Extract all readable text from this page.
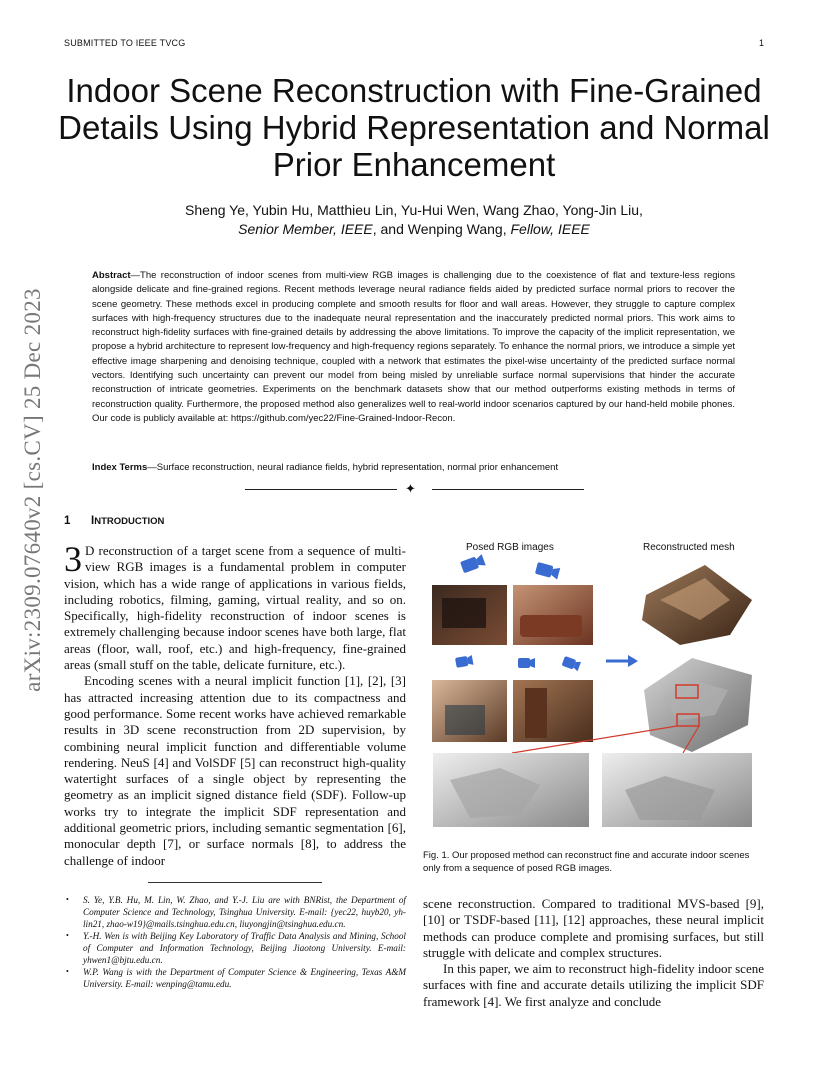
SUBMITTED TO IEEE TVCG	1
Indoor Scene Reconstruction with Fine-Grained Details Using Hybrid Representation and Normal Prior Enhancement
Sheng Ye, Yubin Hu, Matthieu Lin, Yu-Hui Wen, Wang Zhao, Yong-Jin Liu,
Senior Member, IEEE, and Wenping Wang, Fellow, IEEE
arXiv:2309.07640v2 [cs.CV] 25 Dec 2023
Abstract—The reconstruction of indoor scenes from multi-view RGB images is challenging due to the coexistence of flat and texture-less regions alongside delicate and fine-grained regions. Recent methods leverage neural radiance fields aided by predicted surface normal priors to recover the scene geometry. These methods excel in producing complete and smooth results for floor and wall areas. However, they struggle to capture complex surfaces with high-frequency structures due to the inadequate neural representation and the inaccurately predicted normal priors. This work aims to reconstruct high-fidelity surfaces with fine-grained details by addressing the above limitations. To improve the capacity of the implicit representation, we propose a hybrid architecture to represent low-frequency and high-frequency regions separately. To enhance the normal priors, we introduce a simple yet effective image sharpening and denoising technique, coupled with a network that estimates the pixel-wise uncertainty of the predicted surface normal vectors. Identifying such uncertainty can prevent our model from being misled by unreliable surface normal supervisions that hinder the accurate reconstruction of intricate geometries. Experiments on the benchmark datasets show that our method outperforms existing methods in terms of reconstruction quality. Furthermore, the proposed method also generalizes well to real-world indoor scenarios captured by our hand-held mobile phones. Our code is publicly available at: https://github.com/yec22/Fine-Grained-Indoor-Recon.
Index Terms—Surface reconstruction, neural radiance fields, hybrid representation, normal prior enhancement
✦
1 INTRODUCTION

3 D reconstruction of a target scene from a sequence of multi-view RGB images is a fundamental problem in computer vision, which has a wide range of applications in various fields, including robotics, filming, gaming, virtual reality, and so on. Specifically, high-fidelity reconstruction of indoor scenes is extremely challenging because indoor scenes have both large, flat areas (floor, wall, roof, etc.) and high-frequency, fine-grained areas (small stuff on the table, delicate furniture, etc.).

Encoding scenes with a neural implicit function [1], [2], [3] has attracted increasing attention due to its compactness and good performance. Some recent works have achieved remarkable results in 3D scene reconstruction from 2D supervision, by combining neural implicit function and differentiable volume rendering. NeuS [4] and VolSDF [5] can reconstruct high-quality watertight surfaces of a single object by representing the geometry as an implicit signed distance field (SDF). Follow-up works try to integrate the implicit SDF representation and additional geometric priors, including semantic segmentation [6], monocular depth [7], or surface normals [8], to address the challenge of indoor

• S. Ye, Y.B. Hu, M. Lin, W. Zhao, and Y.-J. Liu are with BNRist, the Department of Computer Science and Technology, Tsinghua University. E-mail: {yec22, huyb20, yh-lin21, zhao-w19}@mails.tsinghua.edu.cn, liuyongjin@tsinghua.edu.cn.
• Y.-H. Wen is with Beijing Key Laboratory of Traffic Data Analysis and Mining, School of Computer and Information Technology, Beijing Jiaotong University. E-mail: yhwen1@bjtu.edu.cn.
• W.P. Wang is with the Department of Computer Science & Engineering, Texas A&M University. E-mail: wenping@tamu.edu.
Posed RGB images	Reconstructed mesh
Fig. 1. Our proposed method can reconstruct fine and accurate indoor scenes only from a sequence of posed RGB images.

scene reconstruction. Compared to traditional MVS-based [9], [10] or TSDF-based [11], [12] approaches, these neural implicit methods can produce complete and promising surfaces, but still struggle with delicate and complex structures.

In this paper, we aim to reconstruct high-fidelity indoor scene surfaces with fine and accurate details utilizing the implicit SDF framework [4]. We first analyze and conclude
